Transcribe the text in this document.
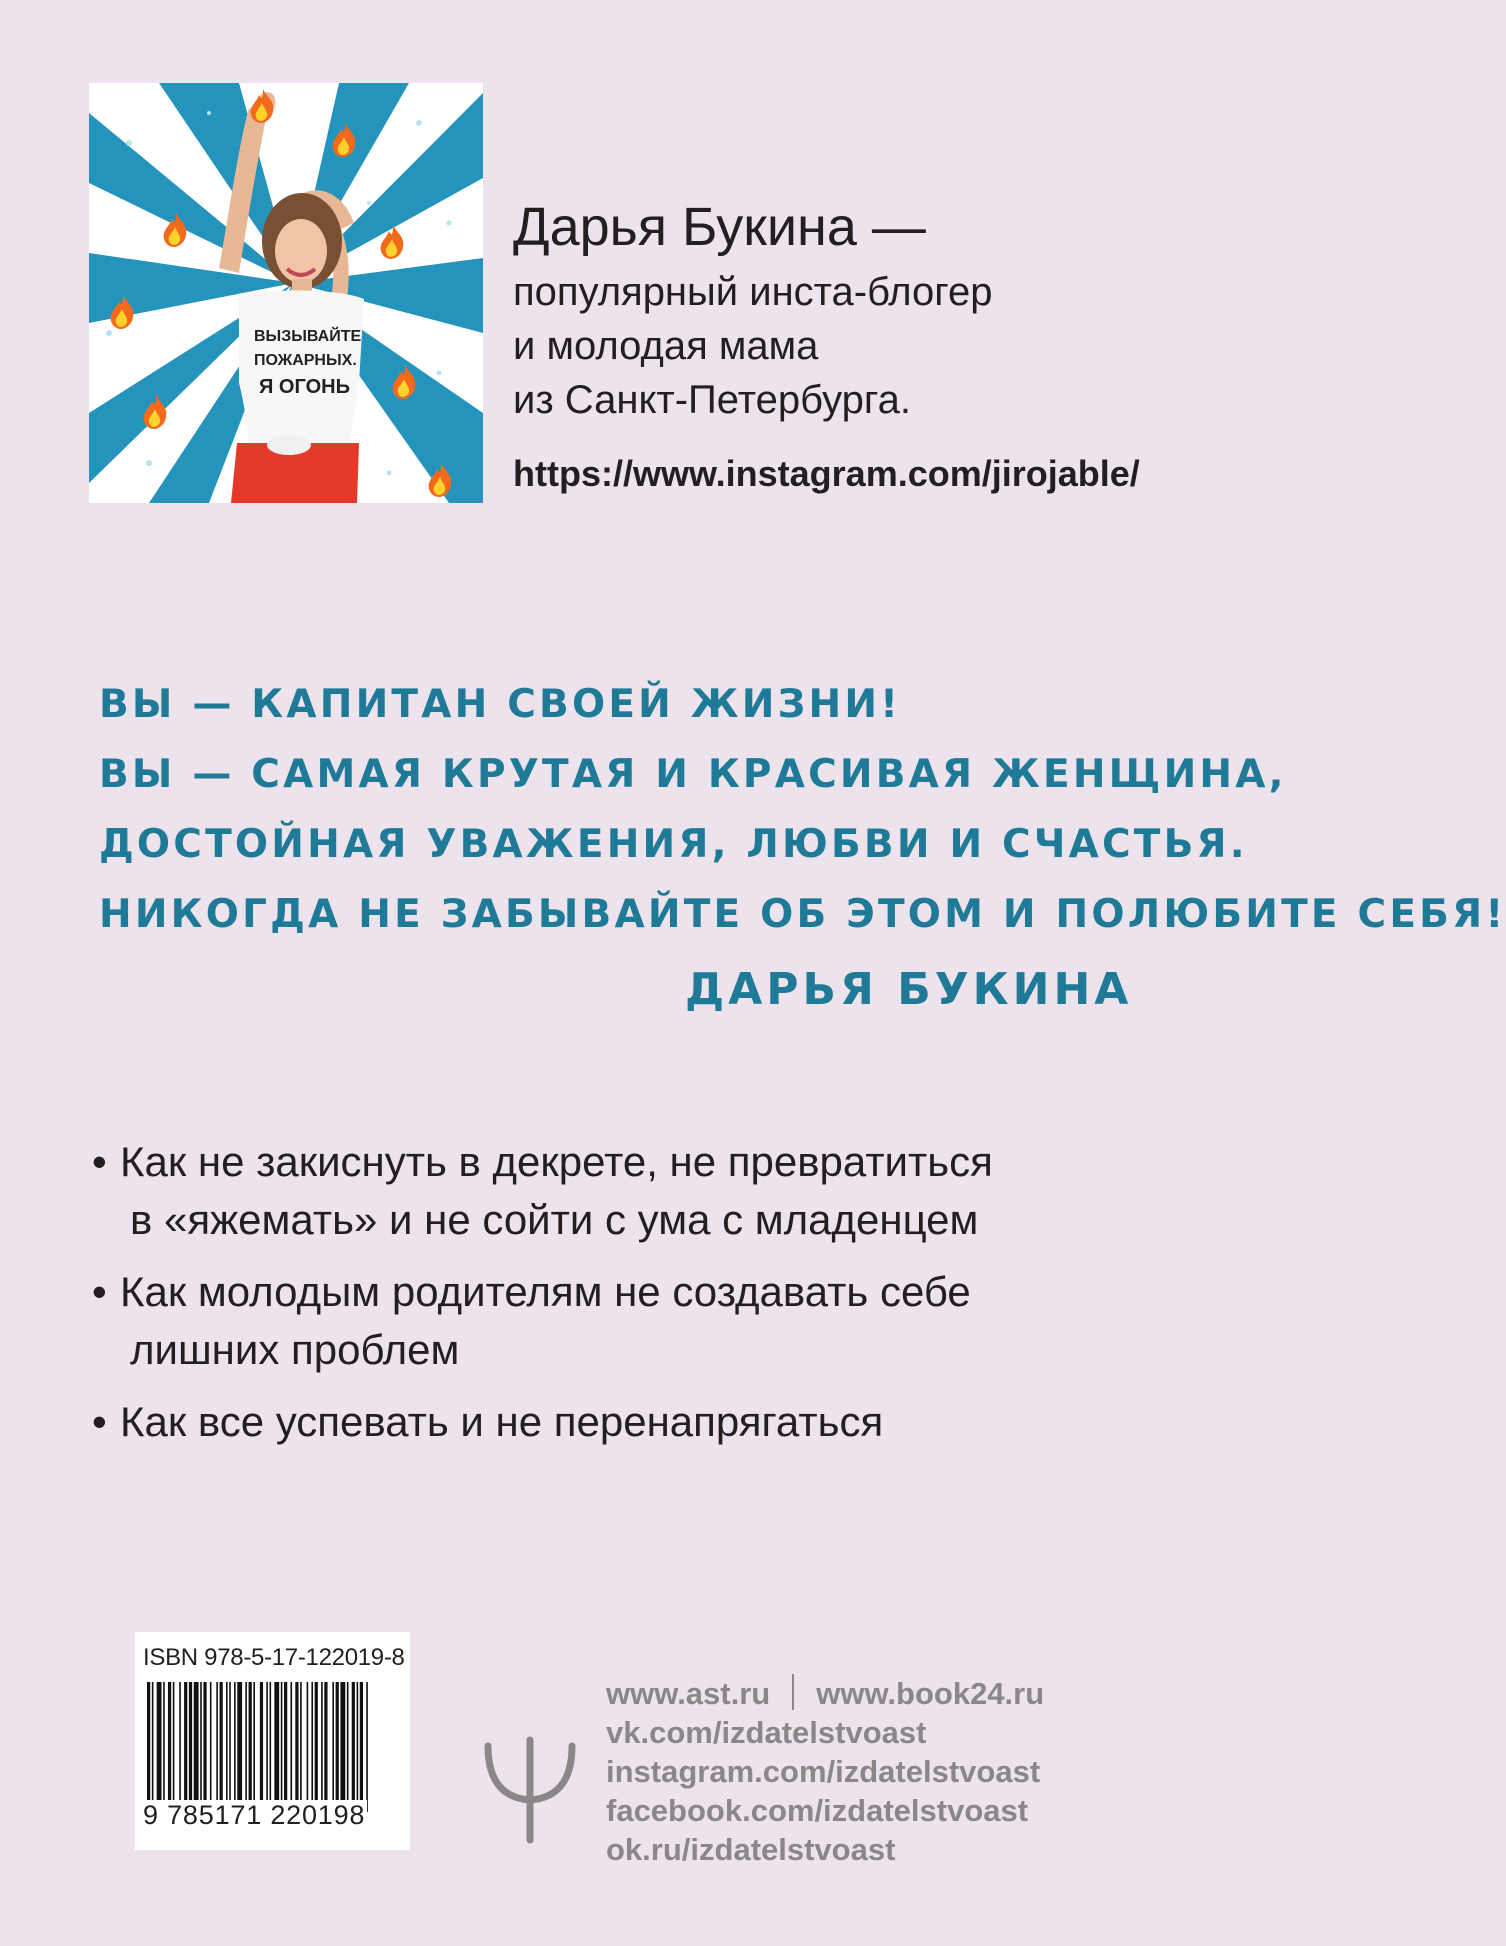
ВЫЗЫВАЙТЕ
ПОЖАРНЫХ.
Я ОГОНЬ

Дарья Букина —

популярный инста-блогер

и молодая мама

из Санкт-Петербурга.

https://www.instagram.com/jirojable/

ВЫ — КАПИТАН СВОЕЙ ЖИЗНИ!

ВЫ — САМАЯ КРУТАЯ И КРАСИВАЯ ЖЕНЩИНА,

ДОСТОЙНАЯ УВАЖЕНИЯ, ЛЮБВИ И СЧАСТЬЯ.

НИКОГДА НЕ ЗАБЫВАЙТЕ ОБ ЭТОМ И ПОЛЮБИТЕ СЕБЯ!

ДАРЬЯ БУКИНА

• Как не закиснуть в декрете, не превратиться
в «яжемать» и не сойти с ума с младенцем
• Как молодым родителям не создавать себе
лишних проблем
• Как все успевать и не перенапрягаться
ISBN 978-5-17-122019-8
9 785171 220198

www.ast.ru www.book24.ru

vk.com/izdatelstvoast

instagram.com/izdatelstvoast

facebook.com/izdatelstvoast

ok.ru/izdatelstvoast
